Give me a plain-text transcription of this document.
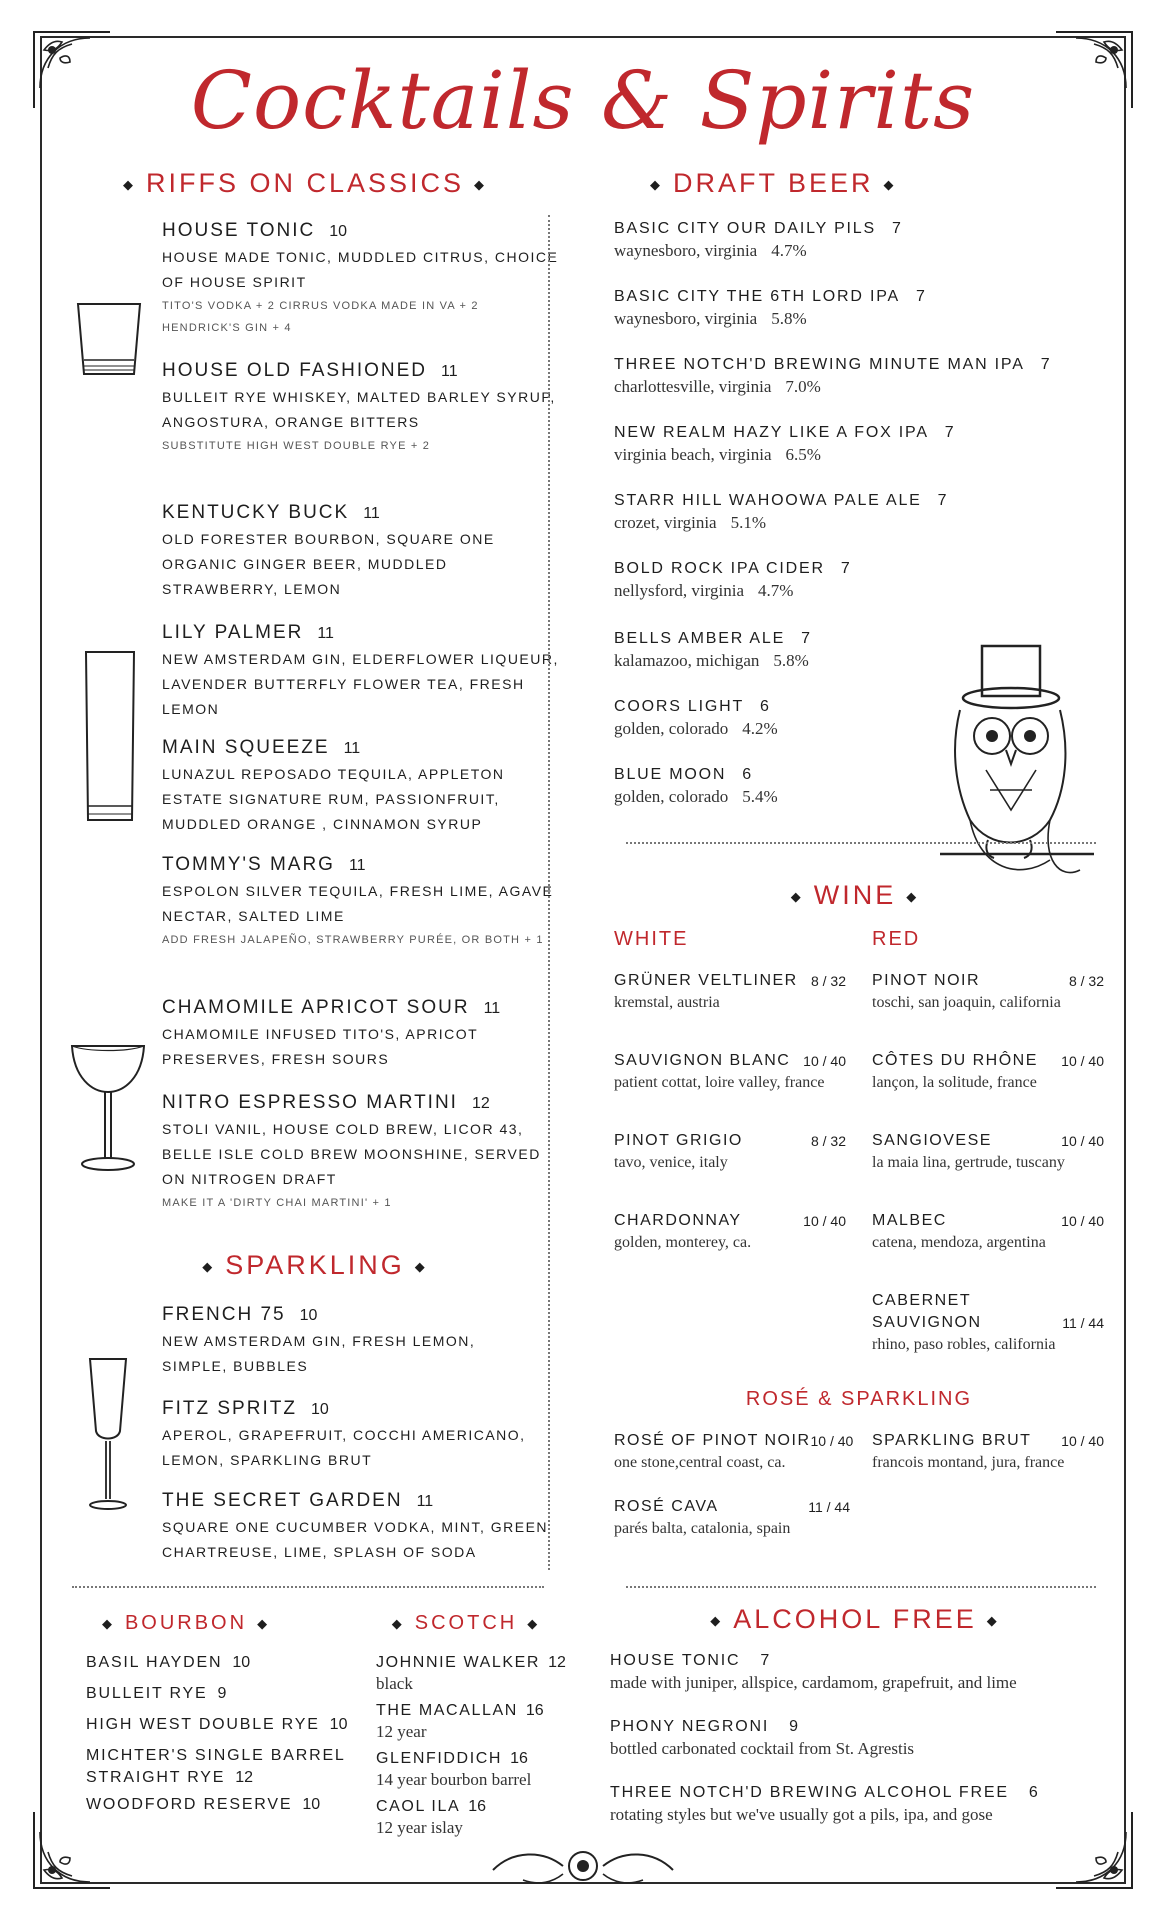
Cocktails & Spirits
◆ RIFFS ON CLASSICS ◆
HOUSE TONIC 10
HOUSE MADE TONIC, MUDDLED CITRUS, CHOICE OF HOUSE SPIRIT
TITO'S VODKA + 2 CIRRUS VODKA MADE IN VA + 2
HENDRICK'S GIN + 4
HOUSE OLD FASHIONED 11
BULLEIT RYE WHISKEY, MALTED BARLEY SYRUP, ANGOSTURA, ORANGE BITTERS
SUBSTITUTE HIGH WEST DOUBLE RYE + 2
KENTUCKY BUCK 11
OLD FORESTER BOURBON, SQUARE ONE ORGANIC GINGER BEER, MUDDLED STRAWBERRY, LEMON
LILY PALMER 11
NEW AMSTERDAM GIN, ELDERFLOWER LIQUEUR, LAVENDER BUTTERFLY FLOWER TEA, FRESH LEMON
MAIN SQUEEZE 11
LUNAZUL REPOSADO TEQUILA, APPLETON ESTATE SIGNATURE RUM, PASSIONFRUIT, MUDDLED ORANGE , CINNAMON SYRUP
TOMMY'S MARG 11
ESPOLON SILVER TEQUILA, FRESH LIME, AGAVE NECTAR, SALTED LIME
ADD FRESH JALAPEÑO, STRAWBERRY PURÉE, OR BOTH + 1
CHAMOMILE APRICOT SOUR 11
CHAMOMILE INFUSED TITO'S, APRICOT PRESERVES, FRESH SOURS
NITRO ESPRESSO MARTINI 12
STOLI VANIL, HOUSE COLD BREW, LICOR 43, BELLE ISLE COLD BREW MOONSHINE, SERVED ON NITROGEN DRAFT
MAKE IT A 'DIRTY CHAI MARTINI' + 1
◆ SPARKLING ◆
FRENCH 75 10
NEW AMSTERDAM GIN, FRESH LEMON, SIMPLE, BUBBLES
FITZ SPRITZ 10
APEROL, GRAPEFRUIT, COCCHI AMERICANO, LEMON, SPARKLING BRUT
THE SECRET GARDEN 11
SQUARE ONE CUCUMBER VODKA, MINT, GREEN CHARTREUSE, LIME, SPLASH OF SODA
◆ DRAFT BEER ◆
BASIC CITY OUR DAILY PILS 7
waynesboro, virginia 4.7%
BASIC CITY THE 6TH LORD IPA 7
waynesboro, virginia 5.8%
THREE NOTCH'D BREWING MINUTE MAN IPA 7
charlottesville, virginia 7.0%
NEW REALM HAZY LIKE A FOX IPA 7
virginia beach, virginia 6.5%
STARR HILL WAHOOWA PALE ALE 7
crozet, virginia 5.1%
BOLD ROCK IPA CIDER 7
nellysford, virginia 4.7%
BELLS AMBER ALE 7
kalamazoo, michigan 5.8%
COORS LIGHT 6
golden, colorado 4.2%
BLUE MOON 6
golden, colorado 5.4%
◆ WINE ◆
WHITE	RED
GRÜNER VELTLINER 8 / 32
kremstal, austria
SAUVIGNON BLANC 10 / 40
patient cottat, loire valley, france
PINOT GRIGIO	8 / 32
tavo, venice, italy
CHARDONNAY	10 / 40
golden, monterey, ca.
PINOT NOIR	8 / 32
toschi, san joaquin, california
CÔTES DU RHÔNE 10 / 40
lançon, la solitude, france
SANGIOVESE	10 / 40
la maia lina, gertrude, tuscany
MALBEC	10 / 40
catena, mendoza, argentina
CABERNET
SAUVIGNON	11 / 44
rhino, paso robles, california
ROSÉ & SPARKLING
ROSÉ OF PINOT NOIR 10 / 40
one stone,central coast, ca.
ROSÉ CAVA	11 / 44
parés balta, catalonia, spain
SPARKLING BRUT 10 / 40
francois montand, jura, france
◆ BOURBON ◆
BASIL HAYDEN 10
BULLEIT RYE 9
HIGH WEST DOUBLE RYE 10
MICHTER'S SINGLE BARREL
STRAIGHT RYE 12
WOODFORD RESERVE 10
◆ SCOTCH ◆
JOHNNIE WALKER 12
black
THE MACALLAN 16
12 year
GLENFIDDICH 16
14 year bourbon barrel
CAOL ILA 16
12 year islay
◆ ALCOHOL FREE ◆
HOUSE TONIC 7
made with juniper, allspice, cardamom, grapefruit, and lime
PHONY NEGRONI 9
bottled carbonated cocktail from St. Agrestis
THREE NOTCH'D BREWING ALCOHOL FREE 6
rotating styles but we've usually got a pils, ipa, and gose
